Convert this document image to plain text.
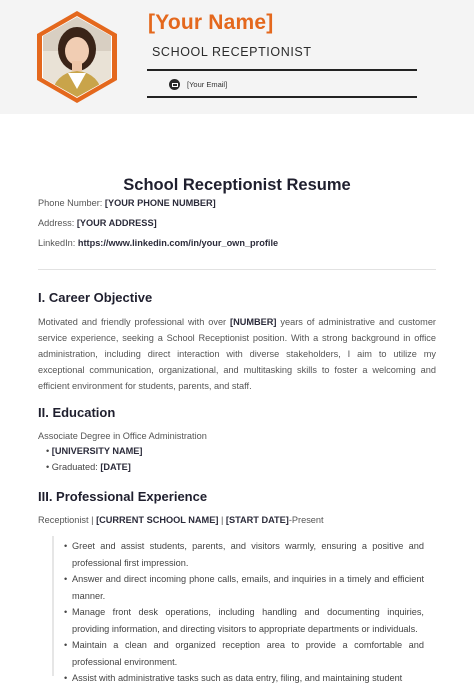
[Your Name]
SCHOOL RECEPTIONIST
[Your Email]
School Receptionist Resume
Phone Number: [YOUR PHONE NUMBER]
Address: [YOUR ADDRESS]
LinkedIn: https://www.linkedin.com/in/your_own_profile
I. Career Objective
Motivated and friendly professional with over [NUMBER] years of administrative and customer service experience, seeking a School Receptionist position. With a strong background in office administration, including direct interaction with diverse stakeholders, I aim to utilize my exceptional communication, organizational, and multitasking skills to foster a welcoming and efficient environment for students, parents, and staff.
II. Education
Associate Degree in Office Administration
• [UNIVERSITY NAME]
• Graduated: [DATE]
III. Professional Experience
Receptionist | [CURRENT SCHOOL NAME] | [START DATE]-Present
• Greet and assist students, parents, and visitors warmly, ensuring a positive and professional first impression.
• Answer and direct incoming phone calls, emails, and inquiries in a timely and efficient manner.
• Manage front desk operations, including handling and documenting inquiries, providing information, and directing visitors to appropriate departments or individuals.
• Maintain a clean and organized reception area to provide a comfortable and professional environment.
• Assist with administrative tasks such as data entry, filing, and maintaining student
